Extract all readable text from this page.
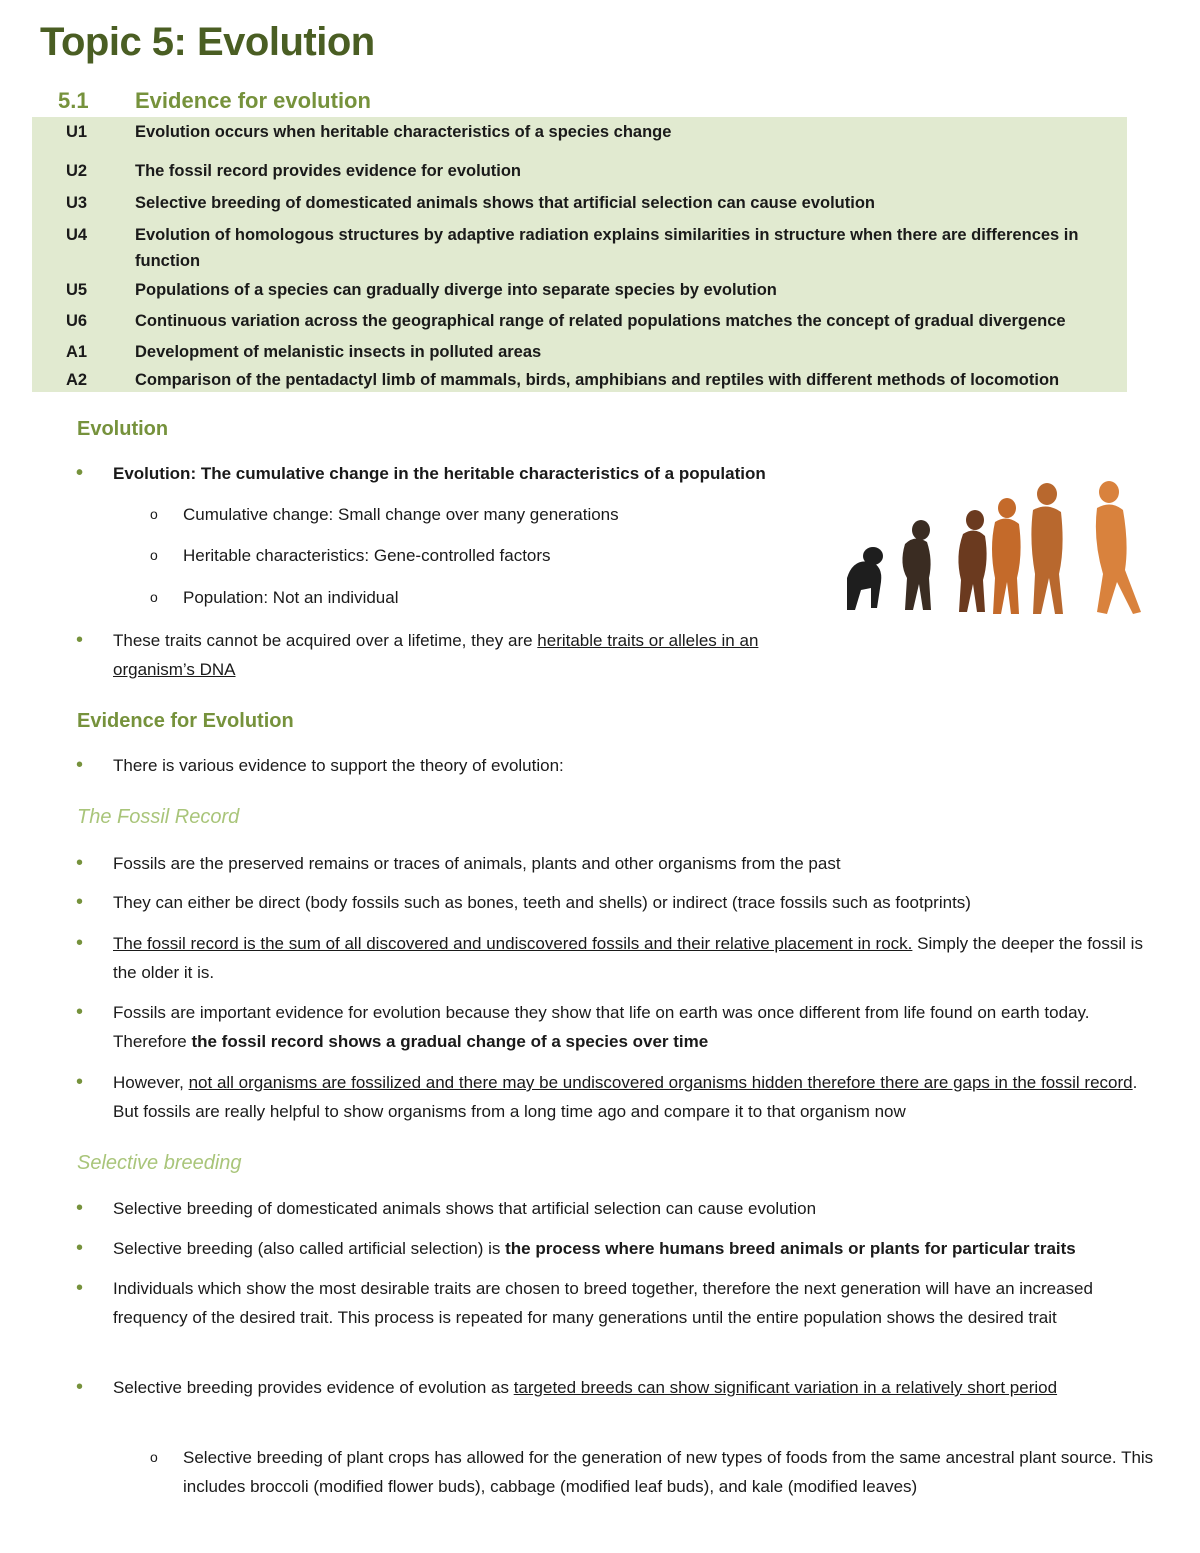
Topic 5: Evolution
5.1	Evidence for evolution
U1	Evolution occurs when heritable characteristics of a species change
U2	The fossil record provides evidence for evolution
U3	Selective breeding of domesticated animals shows that artificial selection can cause evolution
U4	Evolution of homologous structures by adaptive radiation explains similarities in structure when there are differences in function
U5	Populations of a species can gradually diverge into separate species by evolution
U6	Continuous variation across the geographical range of related populations matches the concept of gradual divergence
A1	Development of melanistic insects in polluted areas
A2	Comparison of the pentadactyl limb of mammals, birds, amphibians and reptiles with different methods of locomotion
Evolution
• Evolution: The cumulative change in the heritable characteristics of a population
o Cumulative change: Small change over many generations
o Heritable characteristics: Gene-controlled factors
o Population: Not an individual
• These traits cannot be acquired over a lifetime, they are heritable traits or alleles in an organism’s DNA
Evidence for Evolution
• There is various evidence to support the theory of evolution:
The Fossil Record
• Fossils are the preserved remains or traces of animals, plants and other organisms from the past
• They can either be direct (body fossils such as bones, teeth and shells) or indirect (trace fossils such as footprints)
• The fossil record is the sum of all discovered and undiscovered fossils and their relative placement in rock. Simply the deeper the fossil is the older it is.
• Fossils are important evidence for evolution because they show that life on earth was once different from life found on earth today. Therefore the fossil record shows a gradual change of a species over time
• However, not all organisms are fossilized and there may be undiscovered organisms hidden therefore there are gaps in the fossil record. But fossils are really helpful to show organisms from a long time ago and compare it to that organism now
Selective breeding
• Selective breeding of domesticated animals shows that artificial selection can cause evolution
• Selective breeding (also called artificial selection) is the process where humans breed animals or plants for particular traits
• Individuals which show the most desirable traits are chosen to breed together, therefore the next generation will have an increased frequency of the desired trait. This process is repeated for many generations until the entire population shows the desired trait
• Selective breeding provides evidence of evolution as targeted breeds can show significant variation in a relatively short period
o Selective breeding of plant crops has allowed for the generation of new types of foods from the same ancestral plant source. This includes broccoli (modified flower buds), cabbage (modified leaf buds), and kale (modified leaves)
